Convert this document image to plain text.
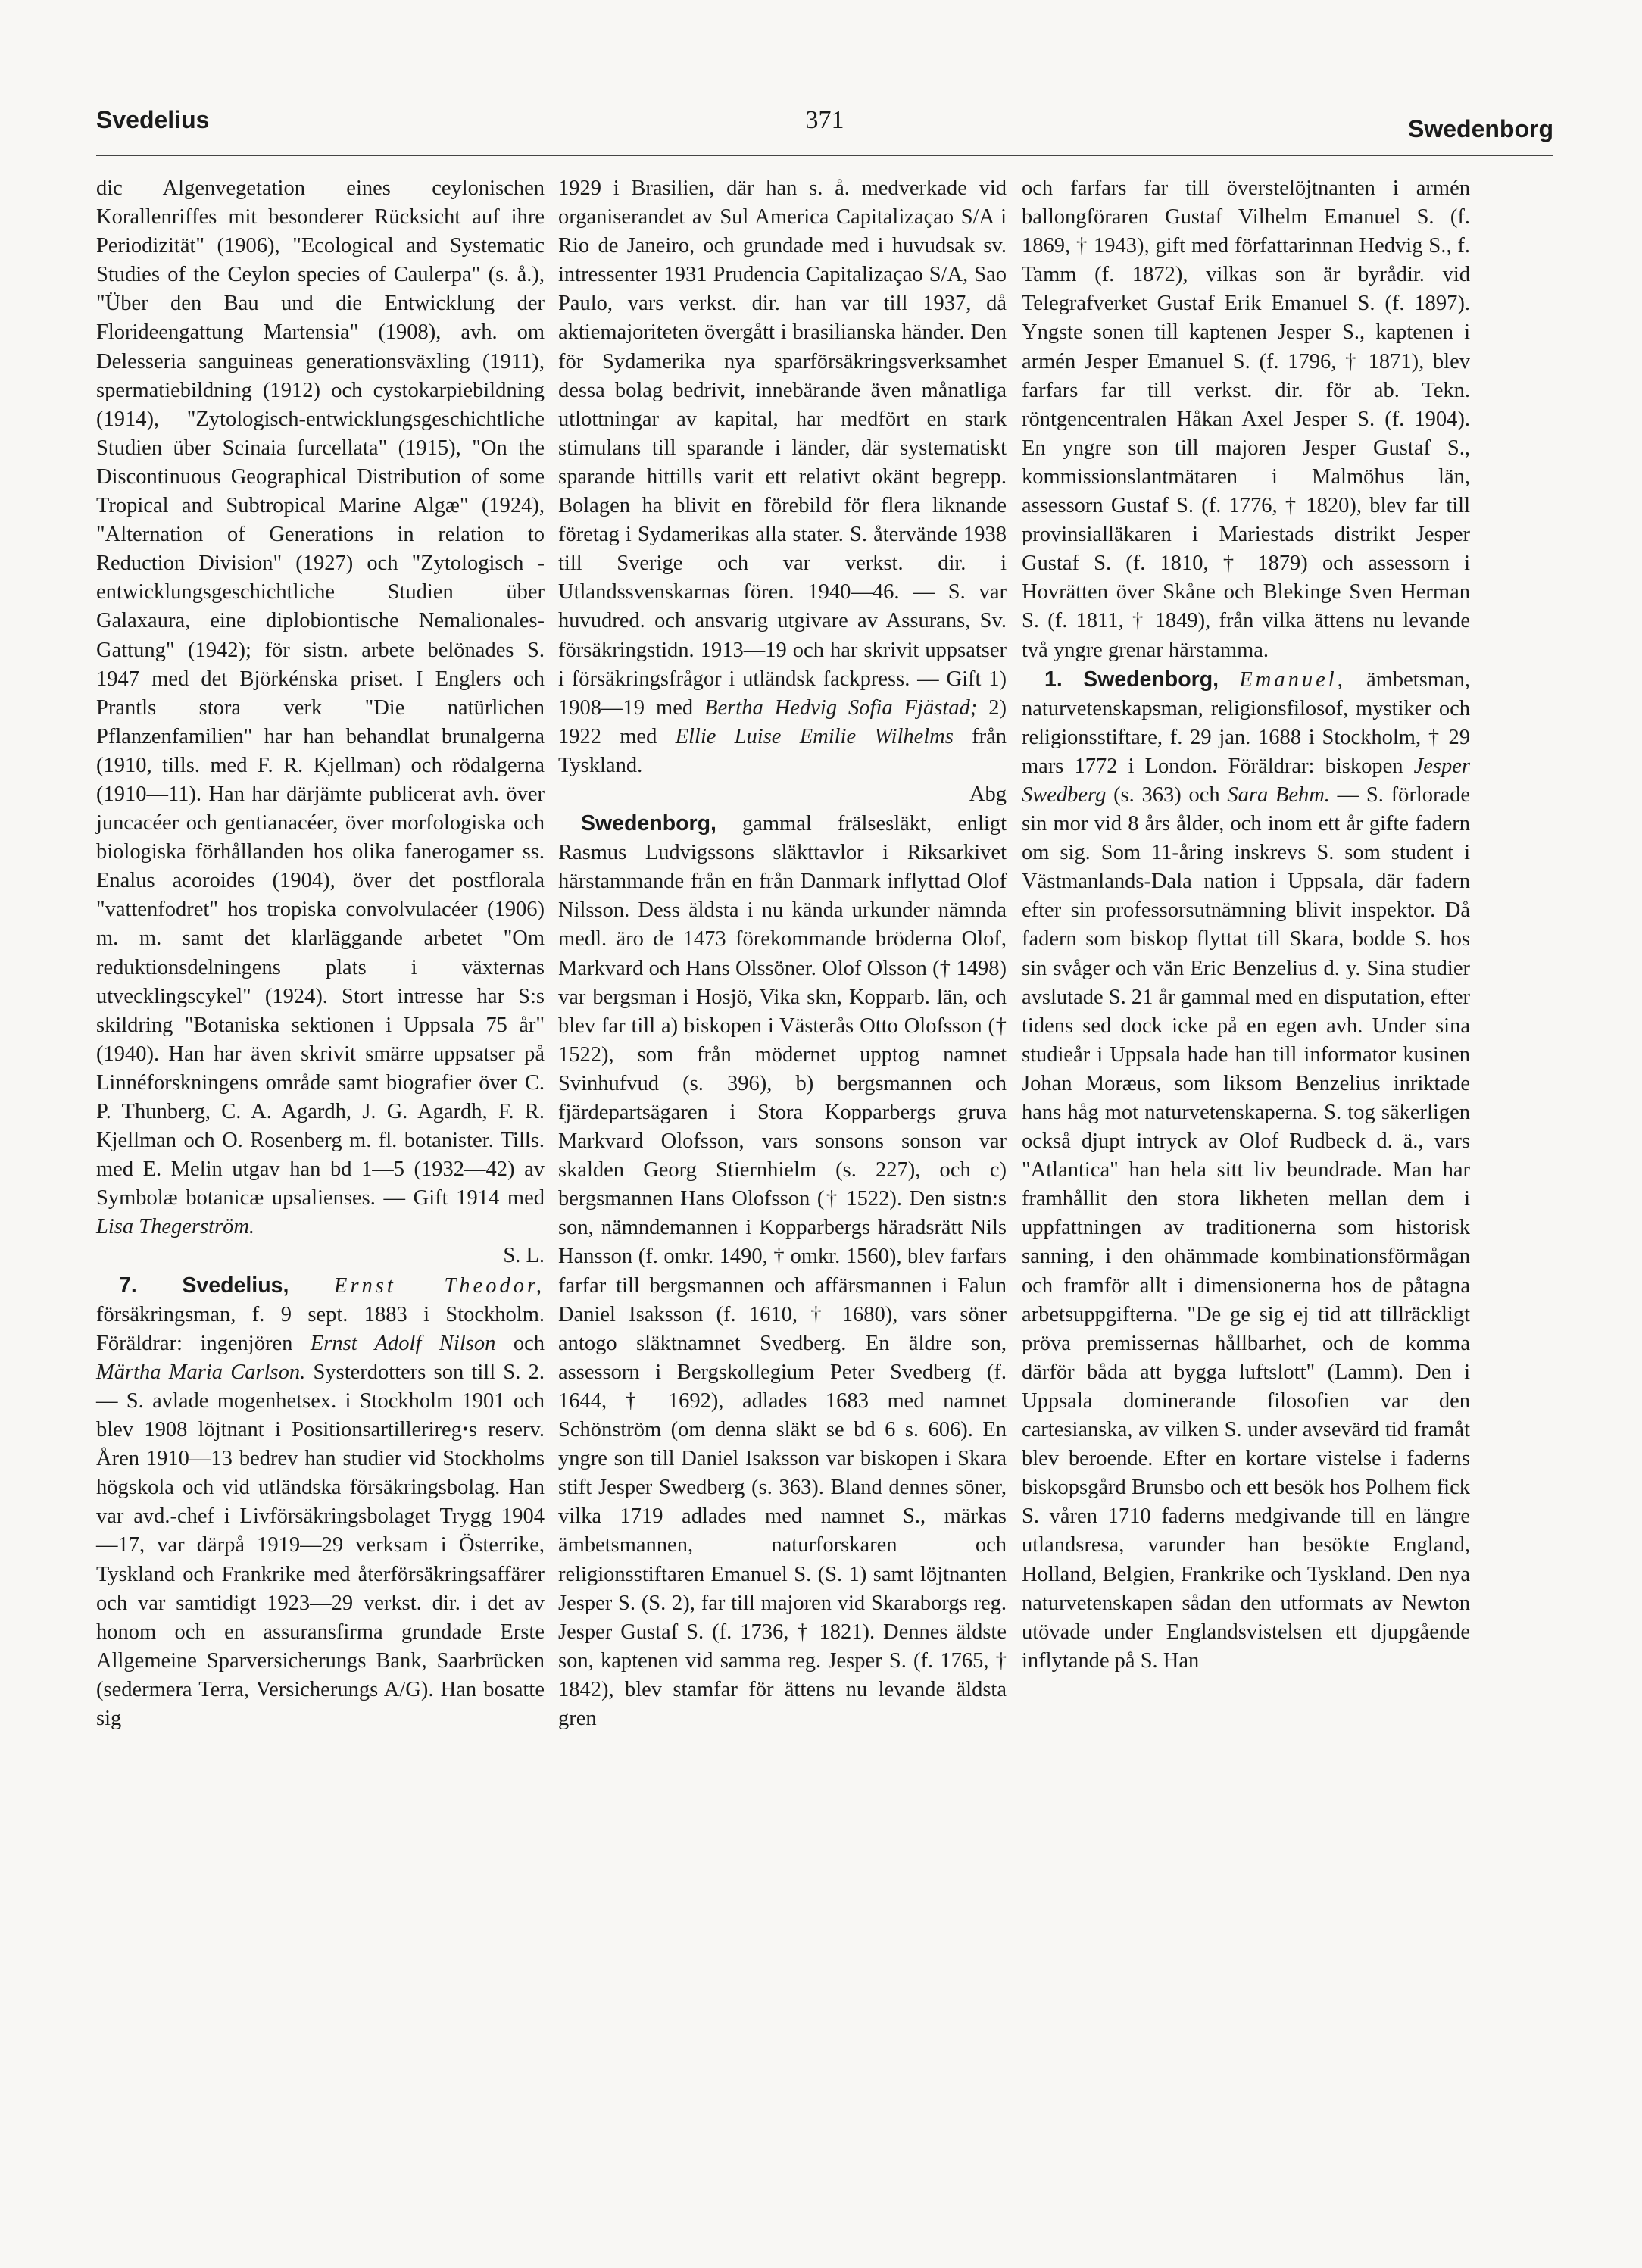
Svedelius	371	Swedenborg

dic Algenvegetation eines ceylonischen Korallenriffes mit besonderer Rücksicht auf ihre Periodizität" (1906), "Ecological and Systematic Studies of the Ceylon species of Caulerpa" (s. å.), "Über den Bau und die Entwicklung der Florideengattung Martensia" (1908), avh. om Delesseria sanguineas generationsväxling (1911), spermatiebildning (1912) och cystokarpiebildning (1914), "Zytologisch-entwicklungsgeschichtliche Studien über Scinaia furcellata" (1915), "On the Discontinuous Geographical Distribution of some Tropical and Subtropical Marine Algæ" (1924), "Alternation of Generations in relation to Reduction Division" (1927) och "Zytologisch - entwicklungsgeschichtliche Studien über Galaxaura, eine diplobiontische Nemalionales-Gattung" (1942); för sistn. arbete belönades S. 1947 med det Björkénska priset. I Englers och Prantls stora verk "Die natürlichen Pflanzenfamilien" har han behandlat brunalgerna (1910, tills. med F. R. Kjellman) och rödalgerna (1910—11). Han har därjämte publicerat avh. över juncacéer och gentianacéer, över morfologiska och biologiska förhållanden hos olika fanerogamer ss. Enalus acoroides (1904), över det postflorala "vattenfodret" hos tropiska convolvulacéer (1906) m. m. samt det klarläggande arbetet "Om reduktionsdelningens plats i växternas utvecklingscykel" (1924). Stort intresse har S:s skildring "Botaniska sektionen i Uppsala 75 år" (1940). Han har även skrivit smärre uppsatser på Linnéforskningens område samt biografier över C. P. Thunberg, C. A. Agardh, J. G. Agardh, F. R. Kjellman och O. Rosenberg m. fl. botanister. Tills. med E. Melin utgav han bd 1—5 (1932—42) av Symbolæ botanicæ upsalienses. — Gift 1914 med Lisa Thegerström.

S. L.

7. Svedelius, Ernst Theodor, försäkringsman, f. 9 sept. 1883 i Stockholm. Föräldrar: ingenjören Ernst Adolf Nilson och Märtha Maria Carlson. Systerdotters son till S. 2. — S. avlade mogenhetsex. i Stockholm 1901 och blev 1908 löjtnant i Positionsartilleriregꞏs reserv. Åren 1910—13 bedrev han studier vid Stockholms högskola och vid utländska försäkringsbolag. Han var avd.-chef i Livförsäkringsbolaget Trygg 1904—17, var därpå 1919—29 verksam i Österrike, Tyskland och Frankrike med återförsäkringsaffärer och var samtidigt 1923—29 verkst. dir. i det av honom och en assuransfirma grundade Erste Allgemeine Sparversicherungs Bank, Saarbrücken (sedermera Terra, Versicherungs A/G). Han bosatte sig

1929 i Brasilien, där han s. å. medverkade vid organiserandet av Sul America Capitalizaçao S/A i Rio de Janeiro, och grundade med i huvudsak sv. intressenter 1931 Prudencia Capitalizaçao S/A, Sao Paulo, vars verkst. dir. han var till 1937, då aktiemajoriteten övergått i brasilianska händer. Den för Sydamerika nya sparförsäkringsverksamhet dessa bolag bedrivit, innebärande även månatliga utlottningar av kapital, har medfört en stark stimulans till sparande i länder, där systematiskt sparande hittills varit ett relativt okänt begrepp. Bolagen ha blivit en förebild för flera liknande företag i Sydamerikas alla stater. S. återvände 1938 till Sverige och var verkst. dir. i Utlandssvenskarnas fören. 1940—46. — S. var huvudred. och ansvarig utgivare av Assurans, Sv. försäkringstidn. 1913—19 och har skrivit uppsatser i försäkringsfrågor i utländsk fackpress. — Gift 1) 1908—19 med Bertha Hedvig Sofia Fjästad; 2) 1922 med Ellie Luise Emilie Wilhelms från Tyskland.

Abg

Swedenborg, gammal frälsesläkt, enligt Rasmus Ludvigssons släkttavlor i Riksarkivet härstammande från en från Danmark inflyttad Olof Nilsson. Dess äldsta i nu kända urkunder nämnda medl. äro de 1473 förekommande bröderna Olof, Markvard och Hans Olssöner. Olof Olsson († 1498) var bergsman i Hosjö, Vika skn, Kopparb. län, och blev far till a) biskopen i Västerås Otto Olofsson († 1522), som från mödernet upptog namnet Svinhufvud (s. 396), b) bergsmannen och fjärdepartsägaren i Stora Kopparbergs gruva Markvard Olofsson, vars sonsons sonson var skalden Georg Stiernhielm (s. 227), och c) bergsmannen Hans Olofsson († 1522). Den sistn:s son, nämndemannen i Kopparbergs häradsrätt Nils Hansson (f. omkr. 1490, † omkr. 1560), blev farfars farfar till bergsmannen och affärsmannen i Falun Daniel Isaksson (f. 1610, † 1680), vars söner antogo släktnamnet Svedberg. En äldre son, assessorn i Bergskollegium Peter Svedberg (f. 1644, † 1692), adlades 1683 med namnet Schönström (om denna släkt se bd 6 s. 606). En yngre son till Daniel Isaksson var biskopen i Skara stift Jesper Swedberg (s. 363). Bland dennes söner, vilka 1719 adlades med namnet S., märkas ämbetsmannen, naturforskaren och religionsstiftaren Emanuel S. (S. 1) samt löjtnanten Jesper S. (S. 2), far till majoren vid Skaraborgs reg. Jesper Gustaf S. (f. 1736, † 1821). Dennes äldste son, kaptenen vid samma reg. Jesper S. (f. 1765, † 1842), blev stamfar för ättens nu levande äldsta gren

och farfars far till överstelöjtnanten i armén ballongföraren Gustaf Vilhelm Emanuel S. (f. 1869, † 1943), gift med författarinnan Hedvig S., f. Tamm (f. 1872), vilkas son är byrådir. vid Telegrafverket Gustaf Erik Emanuel S. (f. 1897). Yngste sonen till kaptenen Jesper S., kaptenen i armén Jesper Emanuel S. (f. 1796, † 1871), blev farfars far till verkst. dir. för ab. Tekn. röntgencentralen Håkan Axel Jesper S. (f. 1904). En yngre son till majoren Jesper Gustaf S., kommissionslantmätaren i Malmöhus län, assessorn Gustaf S. (f. 1776, † 1820), blev far till provinsialläkaren i Mariestads distrikt Jesper Gustaf S. (f. 1810, † 1879) och assessorn i Hovrätten över Skåne och Blekinge Sven Herman S. (f. 1811, † 1849), från vilka ättens nu levande två yngre grenar härstamma.

1. Swedenborg, Emanuel, ämbetsman, naturvetenskapsman, religionsfilosof, mystiker och religionsstiftare, f. 29 jan. 1688 i Stockholm, † 29 mars 1772 i London. Föräldrar: biskopen Jesper Swedberg (s. 363) och Sara Behm. — S. förlorade sin mor vid 8 års ålder, och inom ett år gifte fadern om sig. Som 11-åring inskrevs S. som student i Västmanlands-Dala nation i Uppsala, där fadern efter sin professorsutnämning blivit inspektor. Då fadern som biskop flyttat till Skara, bodde S. hos sin svåger och vän Eric Benzelius d. y. Sina studier avslutade S. 21 år gammal med en disputation, efter tidens sed dock icke på en egen avh. Under sina studieår i Uppsala hade han till informator kusinen Johan Moræus, som liksom Benzelius inriktade hans håg mot naturvetenskaperna. S. tog säkerligen också djupt intryck av Olof Rudbeck d. ä., vars "Atlantica" han hela sitt liv beundrade. Man har framhållit den stora likheten mellan dem i uppfattningen av traditionerna som historisk sanning, i den ohämmade kombinationsförmågan och framför allt i dimensionerna hos de påtagna arbetsuppgifterna. "De ge sig ej tid att tillräckligt pröva premissernas hållbarhet, och de komma därför båda att bygga luftslott" (Lamm). Den i Uppsala dominerande filosofien var den cartesianska, av vilken S. under avsevärd tid framåt blev beroende. Efter en kortare vistelse i faderns biskopsgård Brunsbo och ett besök hos Polhem fick S. våren 1710 faderns medgivande till en längre utlandsresa, varunder han besökte England, Holland, Belgien, Frankrike och Tyskland. Den nya naturvetenskapen sådan den utformats av Newton utövade under Englandsvistelsen ett djupgående inflytande på S. Han
